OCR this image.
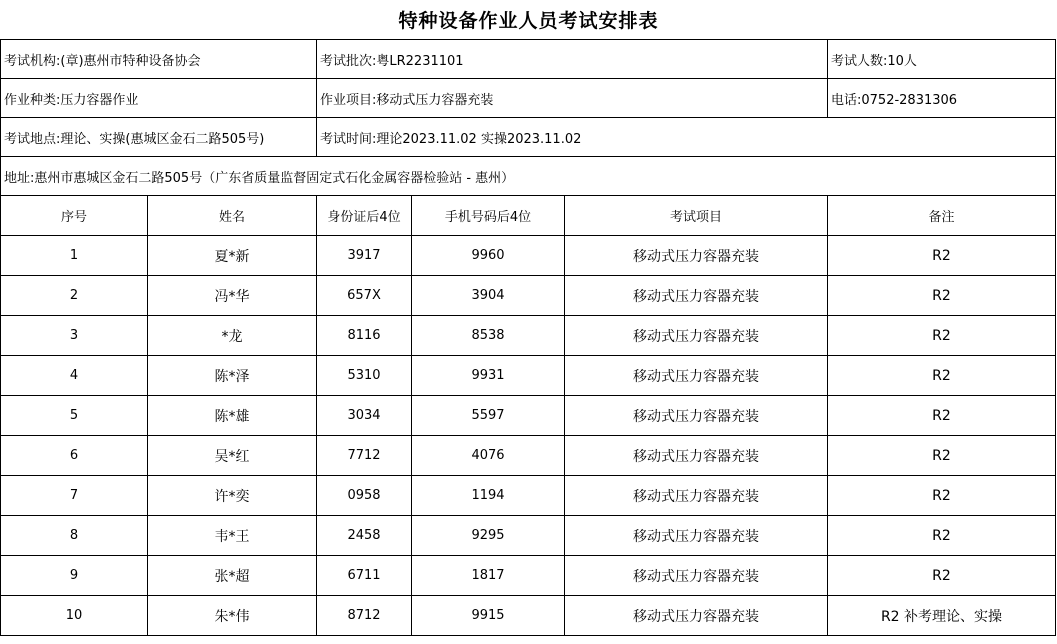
特种设备作业人员考试安排表
考试机构:(章)惠州市特种设备协会		考试批次:粤LR2231101			考试人数:10人
作业种类:压力容器作业		作业项目:移动式压力容器充装			电话:0752-2831306
考试地点:理论、实操(惠城区金石二路505号)		考试时间:理论2023.11.02 实操2023.11.02			
地址:惠州市惠城区金石二路505号（广东省质量监督固定式石化金属容器检验站 - 惠州）					
序号	姓名	身份证后4位	手机号码后4位	考试项目	备注
1	夏*新	3917	9960	移动式压力容器充装	R2
2	冯*华	657X	3904	移动式压力容器充装	R2
3	*龙	8116	8538	移动式压力容器充装	R2
4	陈*泽	5310	9931	移动式压力容器充装	R2
5	陈*雄	3034	5597	移动式压力容器充装	R2
6	吴*红	7712	4076	移动式压力容器充装	R2
7	许*奕	0958	1194	移动式压力容器充装	R2
8	韦*王	2458	9295	移动式压力容器充装	R2
9	张*超	6711	1817	移动式压力容器充装	R2
10	朱*伟	8712	9915	移动式压力容器充装	R2 补考理论、实操
